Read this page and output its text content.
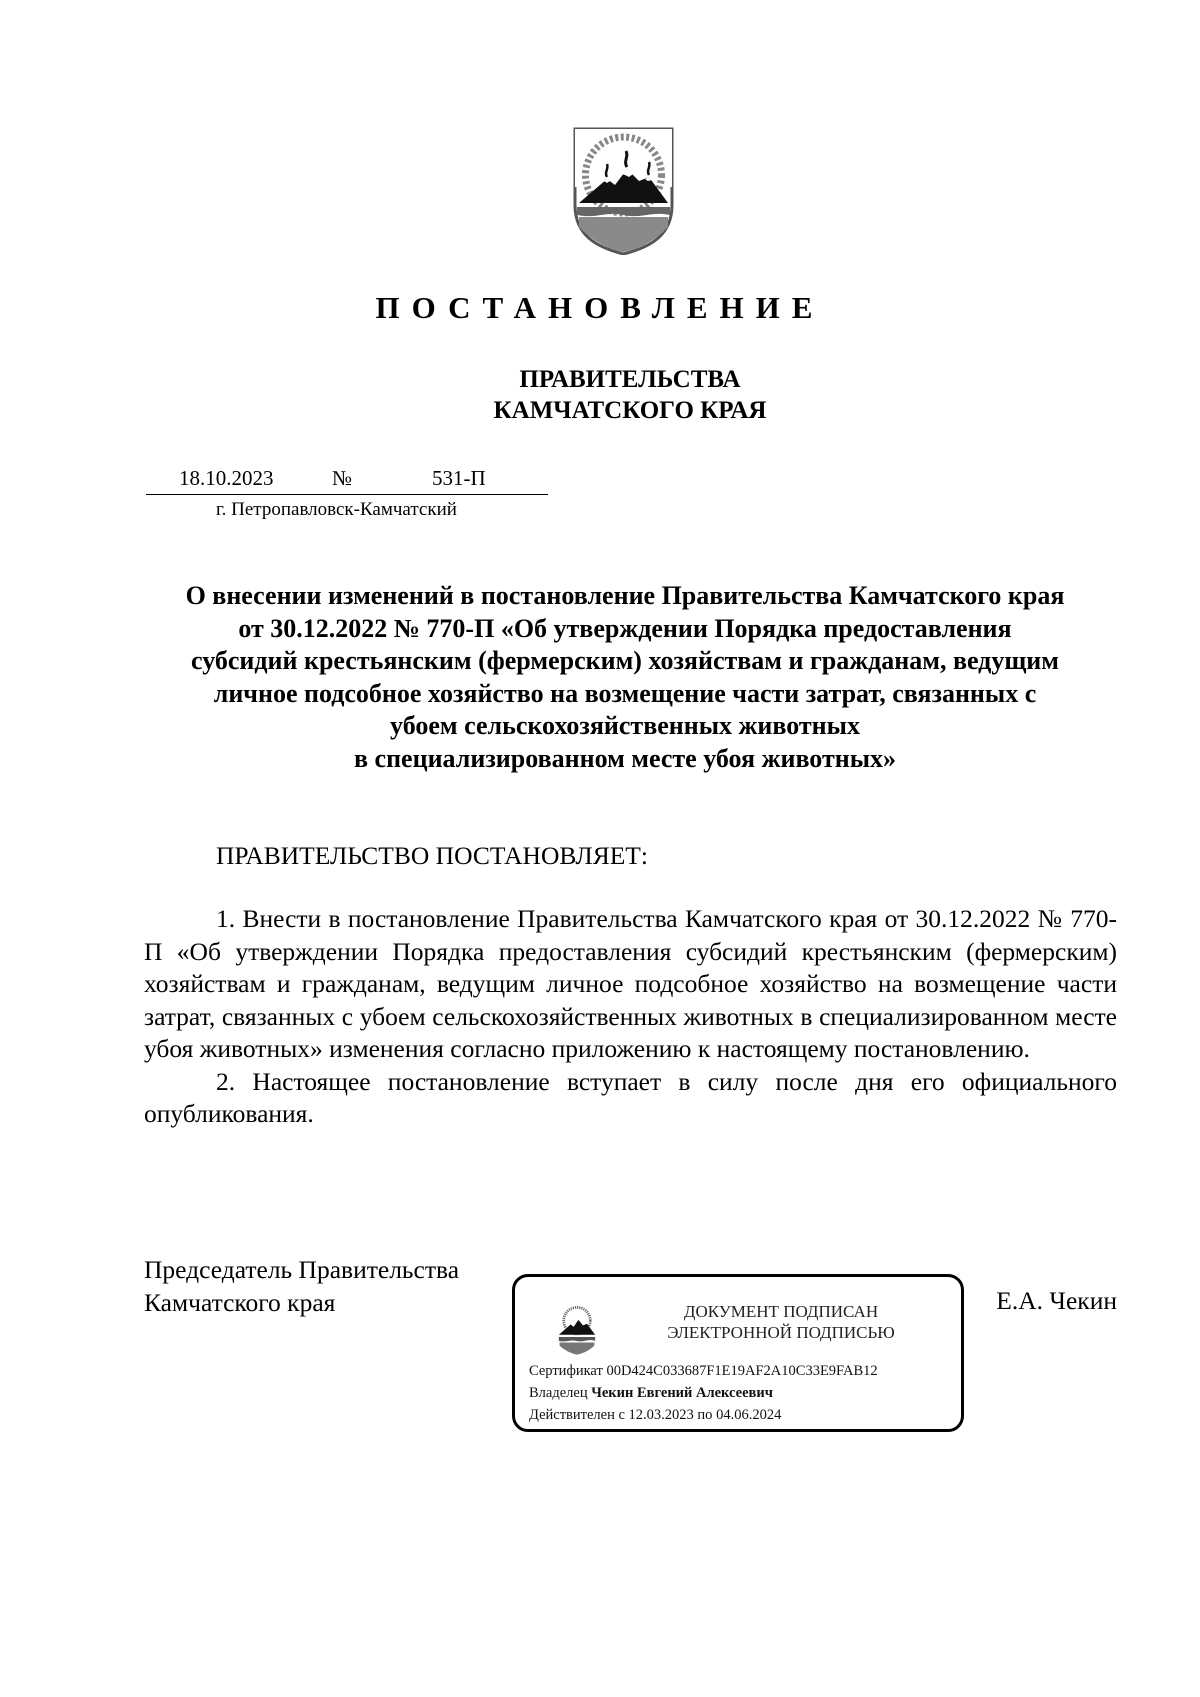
ПОСТАНОВЛЕНИЕ
ПРАВИТЕЛЬСТВА
КАМЧАТСКОГО КРАЯ
18.10.2023	№	531-П
г. Петропавловск-Камчатский
О внесении изменений в постановление Правительства Камчатского края
от 30.12.2022 № 770-П «Об утверждении Порядка предоставления
субсидий крестьянским (фермерским) хозяйствам и гражданам, ведущим
личное подсобное хозяйство на возмещение части затрат, связанных с
убоем сельскохозяйственных животных
в специализированном месте убоя животных»
ПРАВИТЕЛЬСТВО ПОСТАНОВЛЯЕТ:

1. Внести в постановление Правительства Камчатского края от 30.12.2022 № 770-П «Об утверждении Порядка предоставления субсидий крестьянским (фермерским) хозяйствам и гражданам, ведущим личное подсобное хозяйство на возмещение части затрат, связанных с убоем сельскохозяйственных животных в специализированном месте убоя животных» изменения согласно приложению к настоящему постановлению.

2. Настоящее постановление вступает в силу после дня его официального опубликования.

Председатель Правительства
Камчатского края	ДОКУМЕНТ ПОДПИСАН
ЭЛЕКТРОННОЙ ПОДПИСЬЮ
Сертификат 00D424C033687F1E19AF2A10C33E9FAB12
Владелец Чекин Евгений Алексеевич
Действителен с 12.03.2023 по 04.06.2024
Е.А. Чекин
